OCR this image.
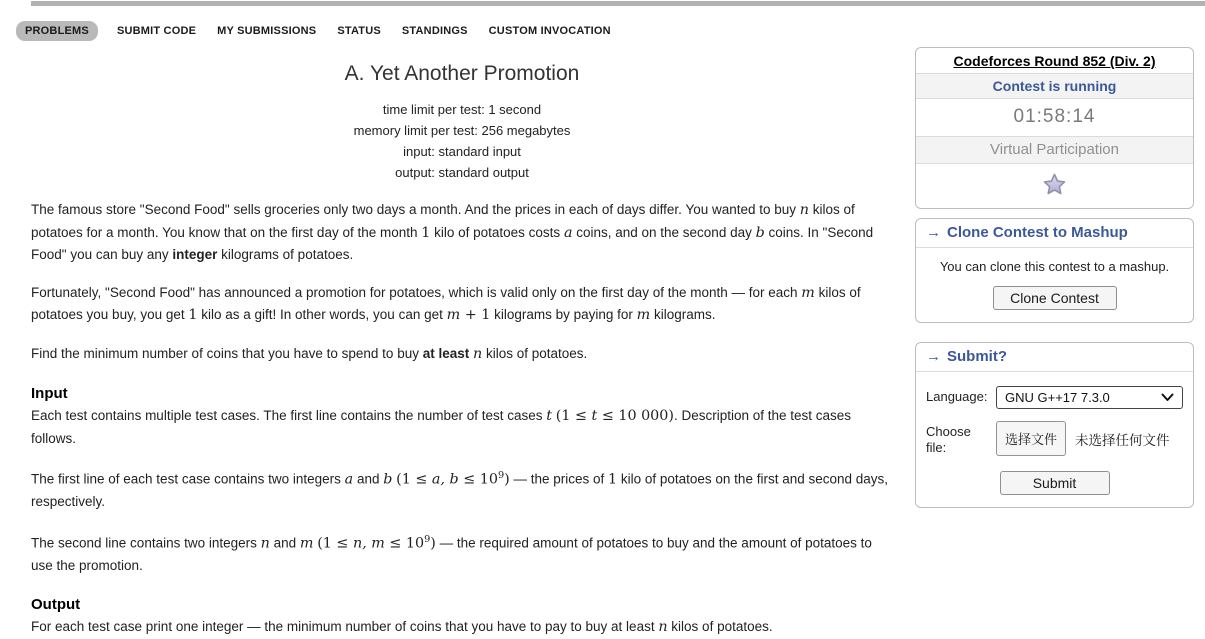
PROBLEMS	SUBMIT CODE MY SUBMISSIONS STATUS STANDINGS CUSTOM INVOCATION
A. Yet Another Promotion
time limit per test: 1 second
memory limit per test: 256 megabytes
input: standard input
output: standard output
The famous store "Second Food" sells groceries only two days a month. And the prices in each of days differ. You wanted to buy n kilos of potatoes for a month. You know that on the first day of the month 1 kilo of potatoes costs a coins, and on the second day b coins. In "Second Food" you can buy any integer kilograms of potatoes.
Fortunately, "Second Food" has announced a promotion for potatoes, which is valid only on the first day of the month — for each m kilos of potatoes you buy, you get 1 kilo as a gift! In other words, you can get m + 1 kilograms by paying for m kilograms.
Find the minimum number of coins that you have to spend to buy at least n kilos of potatoes.
Input
Each test contains multiple test cases. The first line contains the number of test cases t (1 ≤ t ≤ 10 000). Description of the test cases follows.
The first line of each test case contains two integers a and b (1 ≤ a, $b \le 10^9$) — the prices of 1 kilo of potatoes on the first and second days, respectively.
The second line contains two integers n and m (1 ≤ n, $m \le 10^9$) — the required amount of potatoes to buy and the amount of potatoes to use the promotion.
Output
For each test case print one integer — the minimum number of coins that you have to pay to buy at least n kilos of potatoes.
Codeforces Round 852 (Div. 2)
Contest is running
01:58:14
Virtual Participation
→ Clone Contest to Mashup
You can clone this contest to a mashup.
Clone Contest
→ Submit?
Language:	GNU G++17 7.3.0
Choose file:
选择文件	未选择任何文件
Submit
